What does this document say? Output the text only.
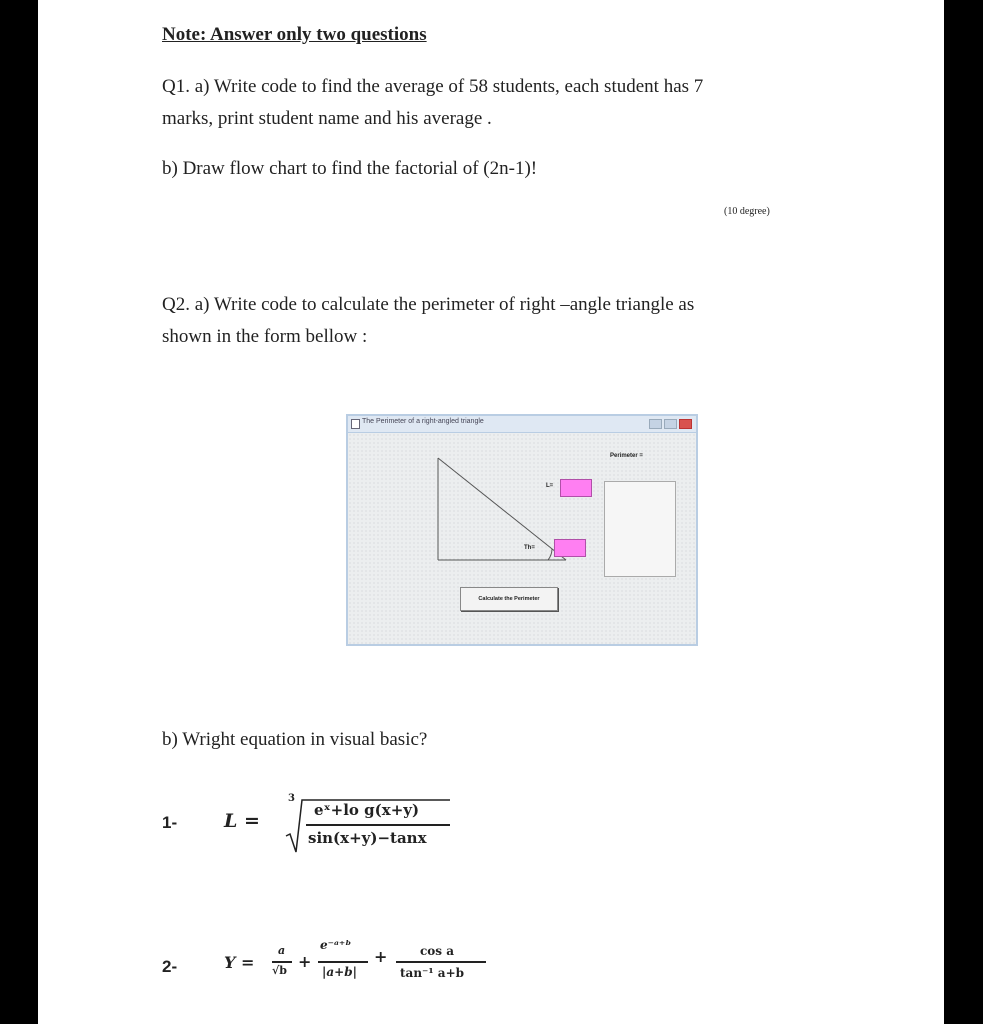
Note: Answer only two questions
Q1. a) Write code to find the average of 58 students, each student has 7
marks, print student name and his average .
b) Draw flow chart to find the factorial of (2n-1)!
(10 degree)
Q2. a) Write code to calculate the perimeter of right –angle triangle as
shown in the form bellow :
The Perimeter of a right-angled triangle
L=
Th=
Perimeter =
Calculate the Perimeter
b) Wright equation in visual basic?
1- L =
3
eˣ+lo g(x+y)
sin(x+y)−tanx
2-	Y =
a
√b +
e⁻ᵃ⁺ᵇ
|a+b|
+	cos a
tan⁻¹ a+b
